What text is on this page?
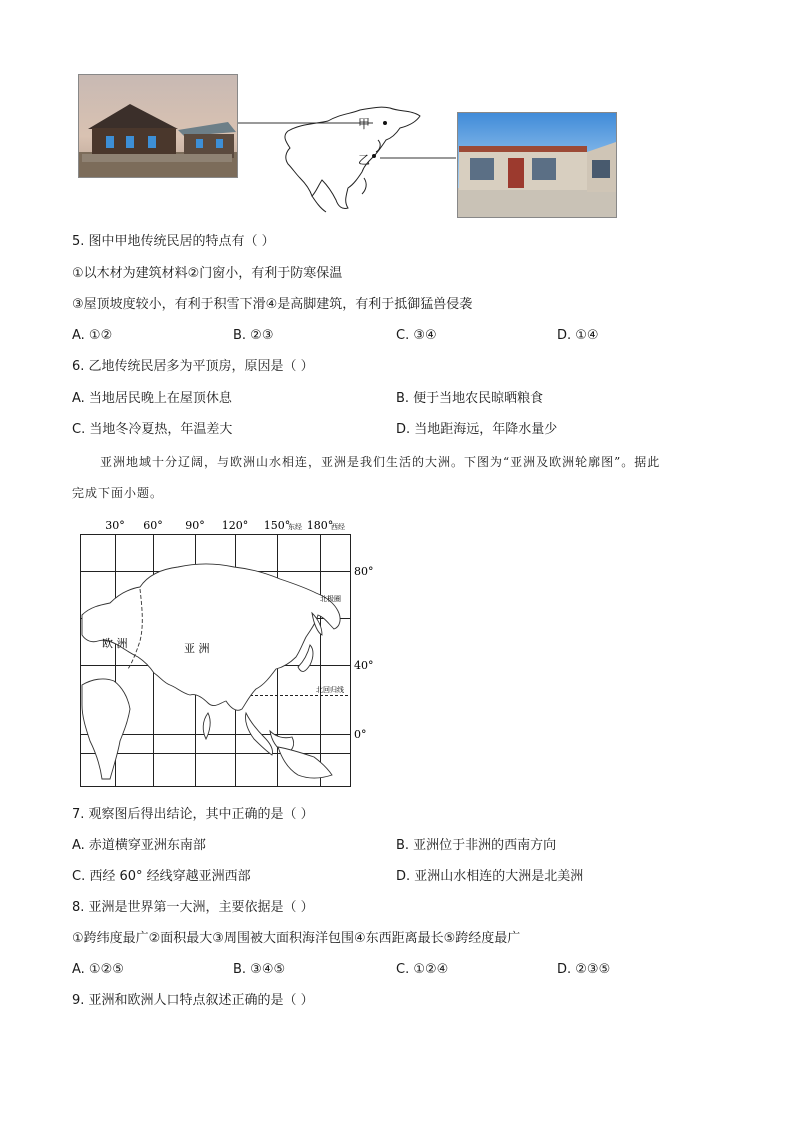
甲
乙
5. 图中甲地传统民居的特点有（ ）
①以木材为建筑材料②门窗小，有利于防寒保温
③屋顶坡度较小，有利于积雪下滑④是高脚建筑，有利于抵御猛兽侵袭
A. ①②	B. ②③	C. ③④	D. ①④
6. 乙地传统民居多为平顶房，原因是（ ）
A. 当地居民晚上在屋顶休息	B. 便于当地农民晾晒粮食
C. 当地冬冷夏热，年温差大	D. 当地距海远，年降水量少
亚洲地域十分辽阔，与欧洲山水相连，亚洲是我们生活的大洲。下图为“亚洲及欧洲轮廓图”。据此
完成下面小题。
30° 60° 90° 120° 150°
东经 180°
西经
80°
40°
0°
北极圈
北回归线
欧 洲	亚 洲
7. 观察图后得出结论，其中正确的是（ ）
A. 赤道横穿亚洲东南部	B. 亚洲位于非洲的西南方向
C. 西经 60° 经线穿越亚洲西部	D. 亚洲山水相连的大洲是北美洲
8. 亚洲是世界第一大洲，主要依据是（ ）
①跨纬度最广②面积最大③周围被大面积海洋包围④东西距离最长⑤跨经度最广
A. ①②⑤	B. ③④⑤	C. ①②④	D. ②③⑤
9. 亚洲和欧洲人口特点叙述正确的是（ ）
